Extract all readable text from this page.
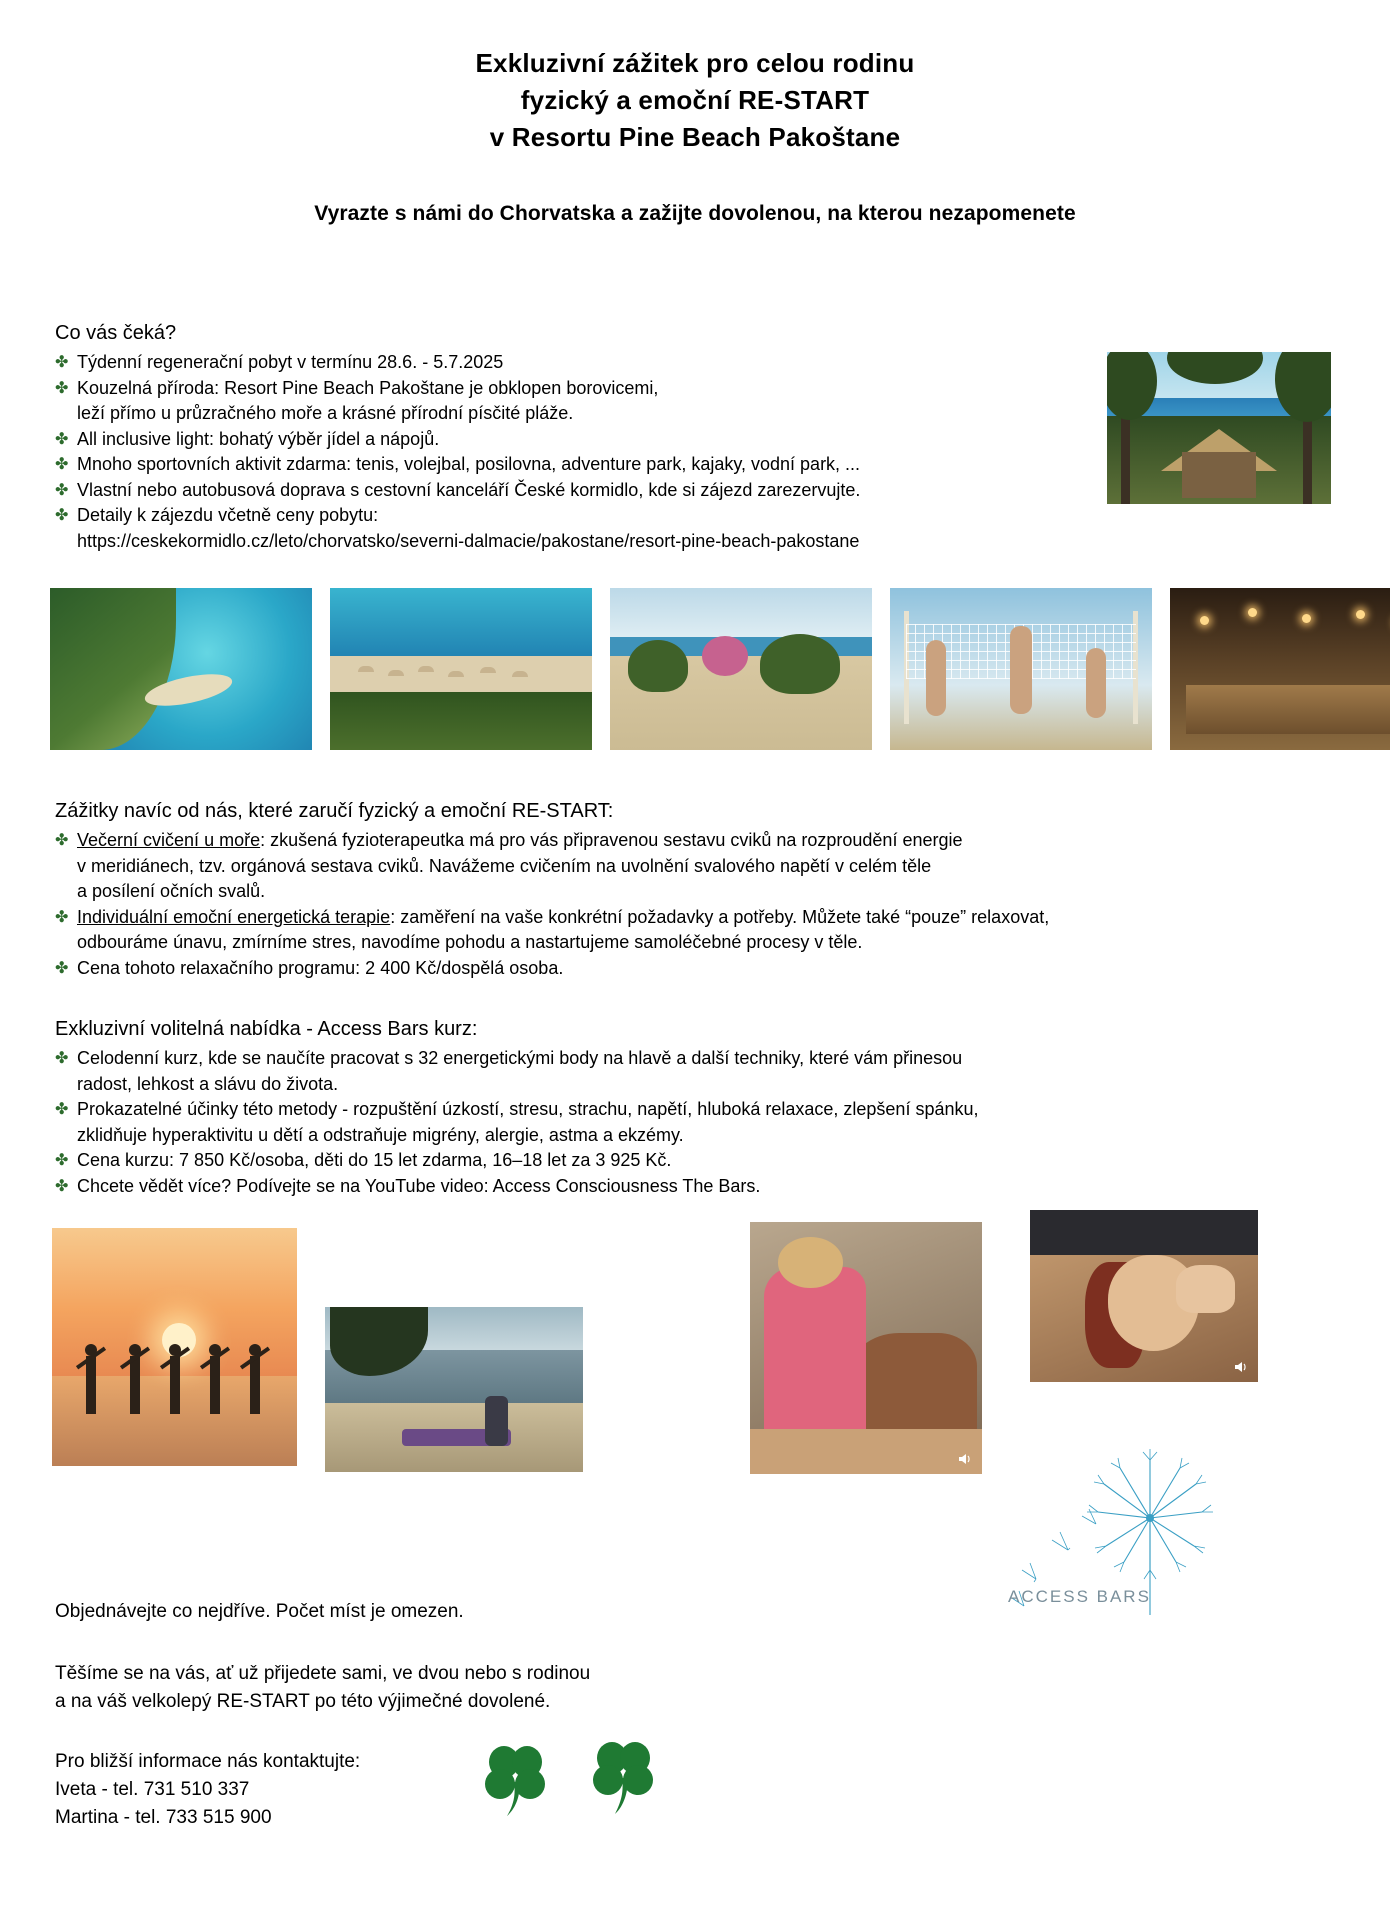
Exkluzivní zážitek pro celou rodinu
fyzický a emoční RE-START
v Resortu Pine Beach Pakoštane
Vyrazte s námi do Chorvatska a zažijte dovolenou, na kterou nezapomenete
Co vás čeká?
✤ Týdenní regenerační pobyt v termínu 28.6. - 5.7.2025
✤ Kouzelná příroda: Resort Pine Beach Pakoštane je obklopen borovicemi,
leží přímo u průzračného moře a krásné přírodní písčité pláže.
✤ All inclusive light: bohatý výběr jídel a nápojů.
✤ Mnoho sportovních aktivit zdarma: tenis, volejbal, posilovna, adventure park, kajaky, vodní park, ...
✤ Vlastní nebo autobusová doprava s cestovní kanceláří České kormidlo, kde si zájezd zarezervujte.
✤ Detaily k zájezdu včetně ceny pobytu:
https://ceskekormidlo.cz/leto/chorvatsko/severni-dalmacie/pakostane/resort-pine-beach-pakostane
Zážitky navíc od nás, které zaručí fyzický a emoční RE-START:
✤ Večerní cvičení u moře: zkušená fyzioterapeutka má pro vás připravenou sestavu cviků na rozproudění energie
v meridiánech, tzv. orgánová sestava cviků. Navážeme cvičením na uvolnění svalového napětí v celém těle
a posílení očních svalů.
✤ Individuální emoční energetická terapie: zaměření na vaše konkrétní požadavky a potřeby. Můžete také “pouze” relaxovat,
odbouráme únavu, zmírníme stres, navodíme pohodu a nastartujeme samoléčebné procesy v těle.
✤ Cena tohoto relaxačního programu: 2 400 Kč/dospělá osoba.
Exkluzivní volitelná nabídka - Access Bars kurz:
✤ Celodenní kurz, kde se naučíte pracovat s 32 energetickými body na hlavě a další techniky, které vám přinesou
radost, lehkost a slávu do života.
✤ Prokazatelné účinky této metody - rozpuštění úzkostí, stresu, strachu, napětí, hluboká relaxace, zlepšení spánku,
zklidňuje hyperaktivitu u dětí a odstraňuje migrény, alergie, astma a ekzémy.
✤ Cena kurzu: 7 850 Kč/osoba, děti do 15 let zdarma, 16–18 let za 3 925 Kč.
✤ Chcete vědět více? Podívejte se na YouTube video: Access Consciousness The Bars.
ACCESS BARS
Objednávejte co nejdříve. Počet míst je omezen.
Těšíme se na vás, ať už přijedete sami, ve dvou nebo s rodinou
a na váš velkolepý RE-START po této výjimečné dovolené.
Pro bližší informace nás kontaktujte:
Iveta - tel. 731 510 337
Martina - tel. 733 515 900
